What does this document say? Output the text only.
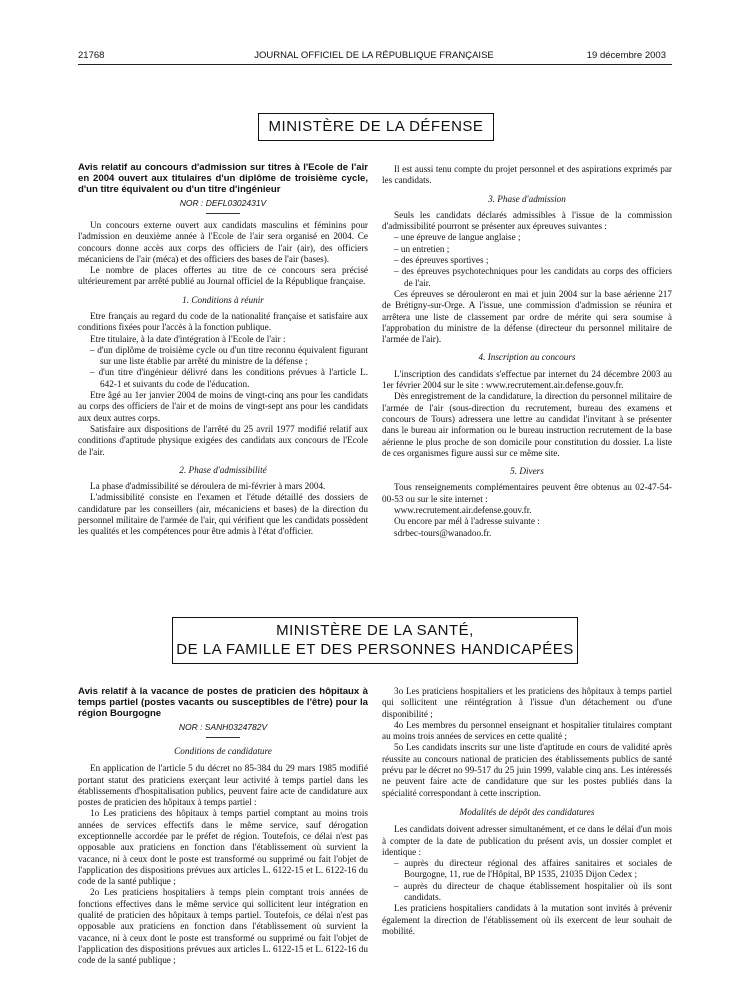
21768	JOURNAL OFFICIEL DE LA RÉPUBLIQUE FRANÇAISE	19 décembre 2003
MINISTÈRE DE LA DÉFENSE

Avis relatif au concours d'admission sur titres à l'Ecole de l'air en 2004 ouvert aux titulaires d'un diplôme de troisième cycle, d'un titre équivalent ou d'un titre d'ingénieur

NOR : DEFL0302431V

Un concours externe ouvert aux candidats masculins et féminins pour l'admission en deuxième année à l'Ecole de l'air sera organisé en 2004. Ce concours donne accès aux corps des officiers de l'air (air), des officiers mécaniciens de l'air (méca) et des officiers des bases de l'air (bases).

Le nombre de places offertes au titre de ce concours sera précisé ultérieurement par arrêté publié au Journal officiel de la République française.

1. Conditions à réunir

Etre français au regard du code de la nationalité française et satisfaire aux conditions fixées pour l'accès à la fonction publique.

Etre titulaire, à la date d'intégration à l'Ecole de l'air :

– d'un diplôme de troisième cycle ou d'un titre reconnu équivalent figurant sur une liste établie par arrêté du ministre de la défense ;

– d'un titre d'ingénieur délivré dans les conditions prévues à l'article L. 642-1 et suivants du code de l'éducation.

Etre âgé au 1er janvier 2004 de moins de vingt-cinq ans pour les candidats au corps des officiers de l'air et de moins de vingt-sept ans pour les candidats aux deux autres corps.

Satisfaire aux dispositions de l'arrêté du 25 avril 1977 modifié relatif aux conditions d'aptitude physique exigées des candidats aux concours de l'Ecole de l'air.

2. Phase d'admissibilité

La phase d'admissibilité se déroulera de mi-février à mars 2004.

L'admissibilité consiste en l'examen et l'étude détaillé des dossiers de candidature par les conseillers (air, mécaniciens et bases) de la direction du personnel militaire de l'armée de l'air, qui vérifient que les candidats possèdent les qualités et les compétences pour être admis à l'état d'officier.

Il est aussi tenu compte du projet personnel et des aspirations exprimés par les candidats.

3. Phase d'admission

Seuls les candidats déclarés admissibles à l'issue de la commission d'admissibilité pourront se présenter aux épreuves suivantes :

– une épreuve de langue anglaise ;

– un entretien ;

– des épreuves sportives ;

– des épreuves psychotechniques pour les candidats au corps des officiers de l'air.

Ces épreuves se dérouleront en mai et juin 2004 sur la base aérienne 217 de Brétigny-sur-Orge. A l'issue, une commission d'admission se réunira et arrêtera une liste de classement par ordre de mérite qui sera soumise à l'approbation du ministre de la défense (directeur du personnel militaire de l'armée de l'air).

4. Inscription au concours

L'inscription des candidats s'effectue par internet du 24 décembre 2003 au 1er février 2004 sur le site : www.recrutement.air.defense.gouv.fr.

Dès enregistrement de la candidature, la direction du personnel militaire de l'armée de l'air (sous-direction du recrutement, bureau des examens et concours de Tours) adressera une lettre au candidat l'invitant à se présenter dans le bureau air information ou le bureau instruction recrutement de la base aérienne le plus proche de son domicile pour constitution du dossier. La liste de ces organismes figure aussi sur ce même site.

5. Divers

Tous renseignements complémentaires peuvent être obtenus au 02-47-54-00-53 ou sur le site internet :

www.recrutement.air.defense.gouv.fr.

Ou encore par mél à l'adresse suivante :

sdrbec-tours@wanadoo.fr.

MINISTÈRE DE LA SANTÉ,
DE LA FAMILLE ET DES PERSONNES HANDICAPÉES

Avis relatif à la vacance de postes de praticien des hôpitaux à temps partiel (postes vacants ou susceptibles de l'être) pour la région Bourgogne

NOR : SANH0324782V

Conditions de candidature

En application de l'article 5 du décret no 85-384 du 29 mars 1985 modifié portant statut des praticiens exerçant leur activité à temps partiel dans les établissements d'hospitalisation publics, peuvent faire acte de candidature aux postes de praticien des hôpitaux à temps partiel :

1o Les praticiens des hôpitaux à temps partiel comptant au moins trois années de services effectifs dans le même service, sauf dérogation exceptionnelle accordée par le préfet de région. Toutefois, ce délai n'est pas opposable aux praticiens en fonction dans l'établissement où survient la vacance, ni à ceux dont le poste est transformé ou supprimé ou fait l'objet de l'application des dispositions prévues aux articles L. 6122-15 et L. 6122-16 du code de la santé publique ;

2o Les praticiens hospitaliers à temps plein comptant trois années de fonctions effectives dans le même service qui sollicitent leur intégration en qualité de praticien des hôpitaux à temps partiel. Toutefois, ce délai n'est pas opposable aux praticiens en fonction dans l'établissement où survient la vacance, ni à ceux dont le poste est transformé ou supprimé ou fait l'objet de l'application des dispositions prévues aux articles L. 6122-15 et L. 6122-16 du code de la santé publique ;

3o Les praticiens hospitaliers et les praticiens des hôpitaux à temps partiel qui sollicitent une réintégration à l'issue d'un détachement ou d'une disponibilité ;

4o Les membres du personnel enseignant et hospitalier titulaires comptant au moins trois années de services en cette qualité ;

5o Les candidats inscrits sur une liste d'aptitude en cours de validité après réussite au concours national de praticien des établissements publics de santé prévu par le décret no 99-517 du 25 juin 1999, valable cinq ans. Les intéressés ne peuvent faire acte de candidature que sur les postes publiés dans la spécialité correspondant à cette inscription.

Modalités de dépôt des candidatures

Les candidats doivent adresser simultanément, et ce dans le délai d'un mois à compter de la date de publication du présent avis, un dossier complet et identique :

– auprès du directeur régional des affaires sanitaires et sociales de Bourgogne, 11, rue de l'Hôpital, BP 1535, 21035 Dijon Cedex ;

– auprès du directeur de chaque établissement hospitalier où ils sont candidats.

Les praticiens hospitaliers candidats à la mutation sont invités à prévenir également la direction de l'établissement où ils exercent de leur souhait de mobilité.
